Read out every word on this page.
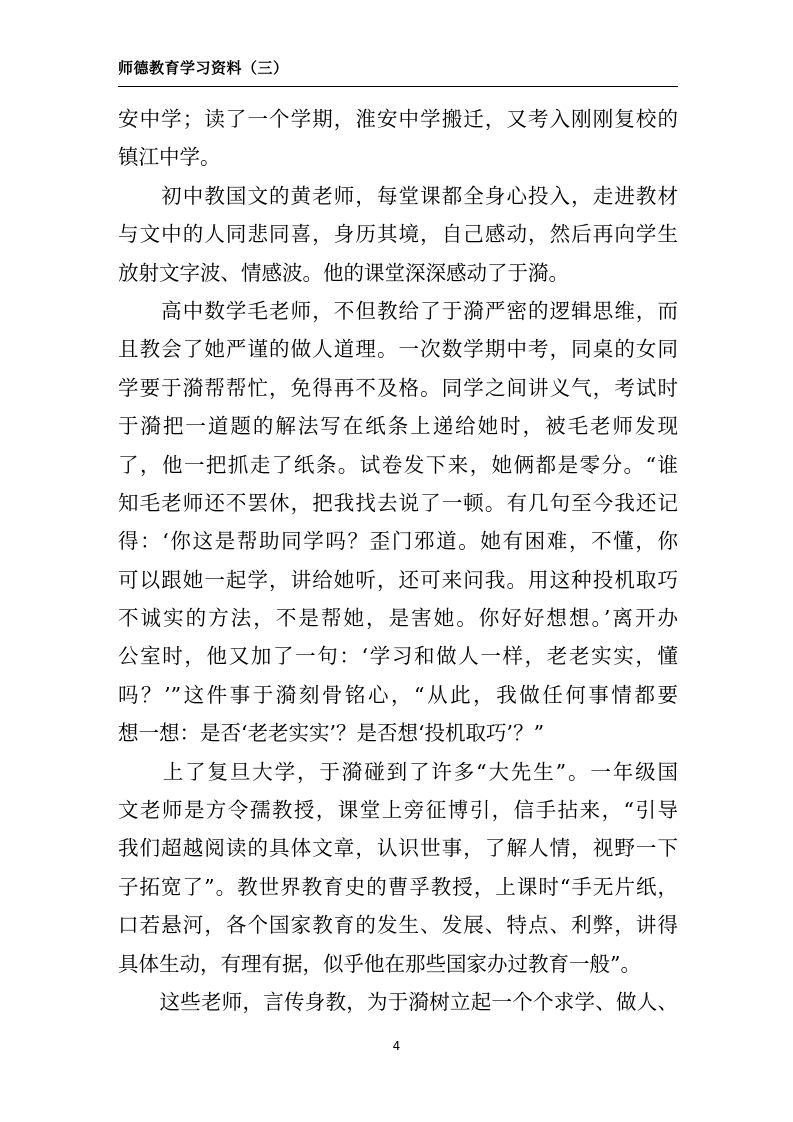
师德教育学习资料（三）
安中学；读了一个学期，淮安中学搬迁，又考入刚刚复校的
镇江中学。
　　初中教国文的黄老师，每堂课都全身心投入，走进教材
与文中的人同悲同喜，身历其境，自己感动，然后再向学生
放射文字波、情感波。他的课堂深深感动了于漪。
　　高中数学毛老师，不但教给了于漪严密的逻辑思维，而
且教会了她严谨的做人道理。一次数学期中考，同桌的女同
学要于漪帮帮忙，免得再不及格。同学之间讲义气，考试时
于漪把一道题的解法写在纸条上递给她时，被毛老师发现
了，他一把抓走了纸条。试卷发下来，她俩都是零分。“谁
知毛老师还不罢休，把我找去说了一顿。有几句至今我还记
得：‘你这是帮助同学吗？歪门邪道。她有困难，不懂，你
可以跟她一起学，讲给她听，还可来问我。用这种投机取巧
不诚实的方法，不是帮她，是害她。你好好想想。’离开办
公室时，他又加了一句：‘学习和做人一样，老老实实，懂
吗？’”这件事于漪刻骨铭心，“从此，我做任何事情都要
想一想：是否‘老老实实’？是否想‘投机取巧’？”
　　上了复旦大学，于漪碰到了许多“大先生”。一年级国
文老师是方令孺教授，课堂上旁征博引，信手拈来，“引导
我们超越阅读的具体文章，认识世事，了解人情，视野一下
子拓宽了”。教世界教育史的曹孚教授，上课时“手无片纸，
口若悬河，各个国家教育的发生、发展、特点、利弊，讲得
具体生动，有理有据，似乎他在那些国家办过教育一般”。
　　这些老师，言传身教，为于漪树立起一个个求学、做人、
4
